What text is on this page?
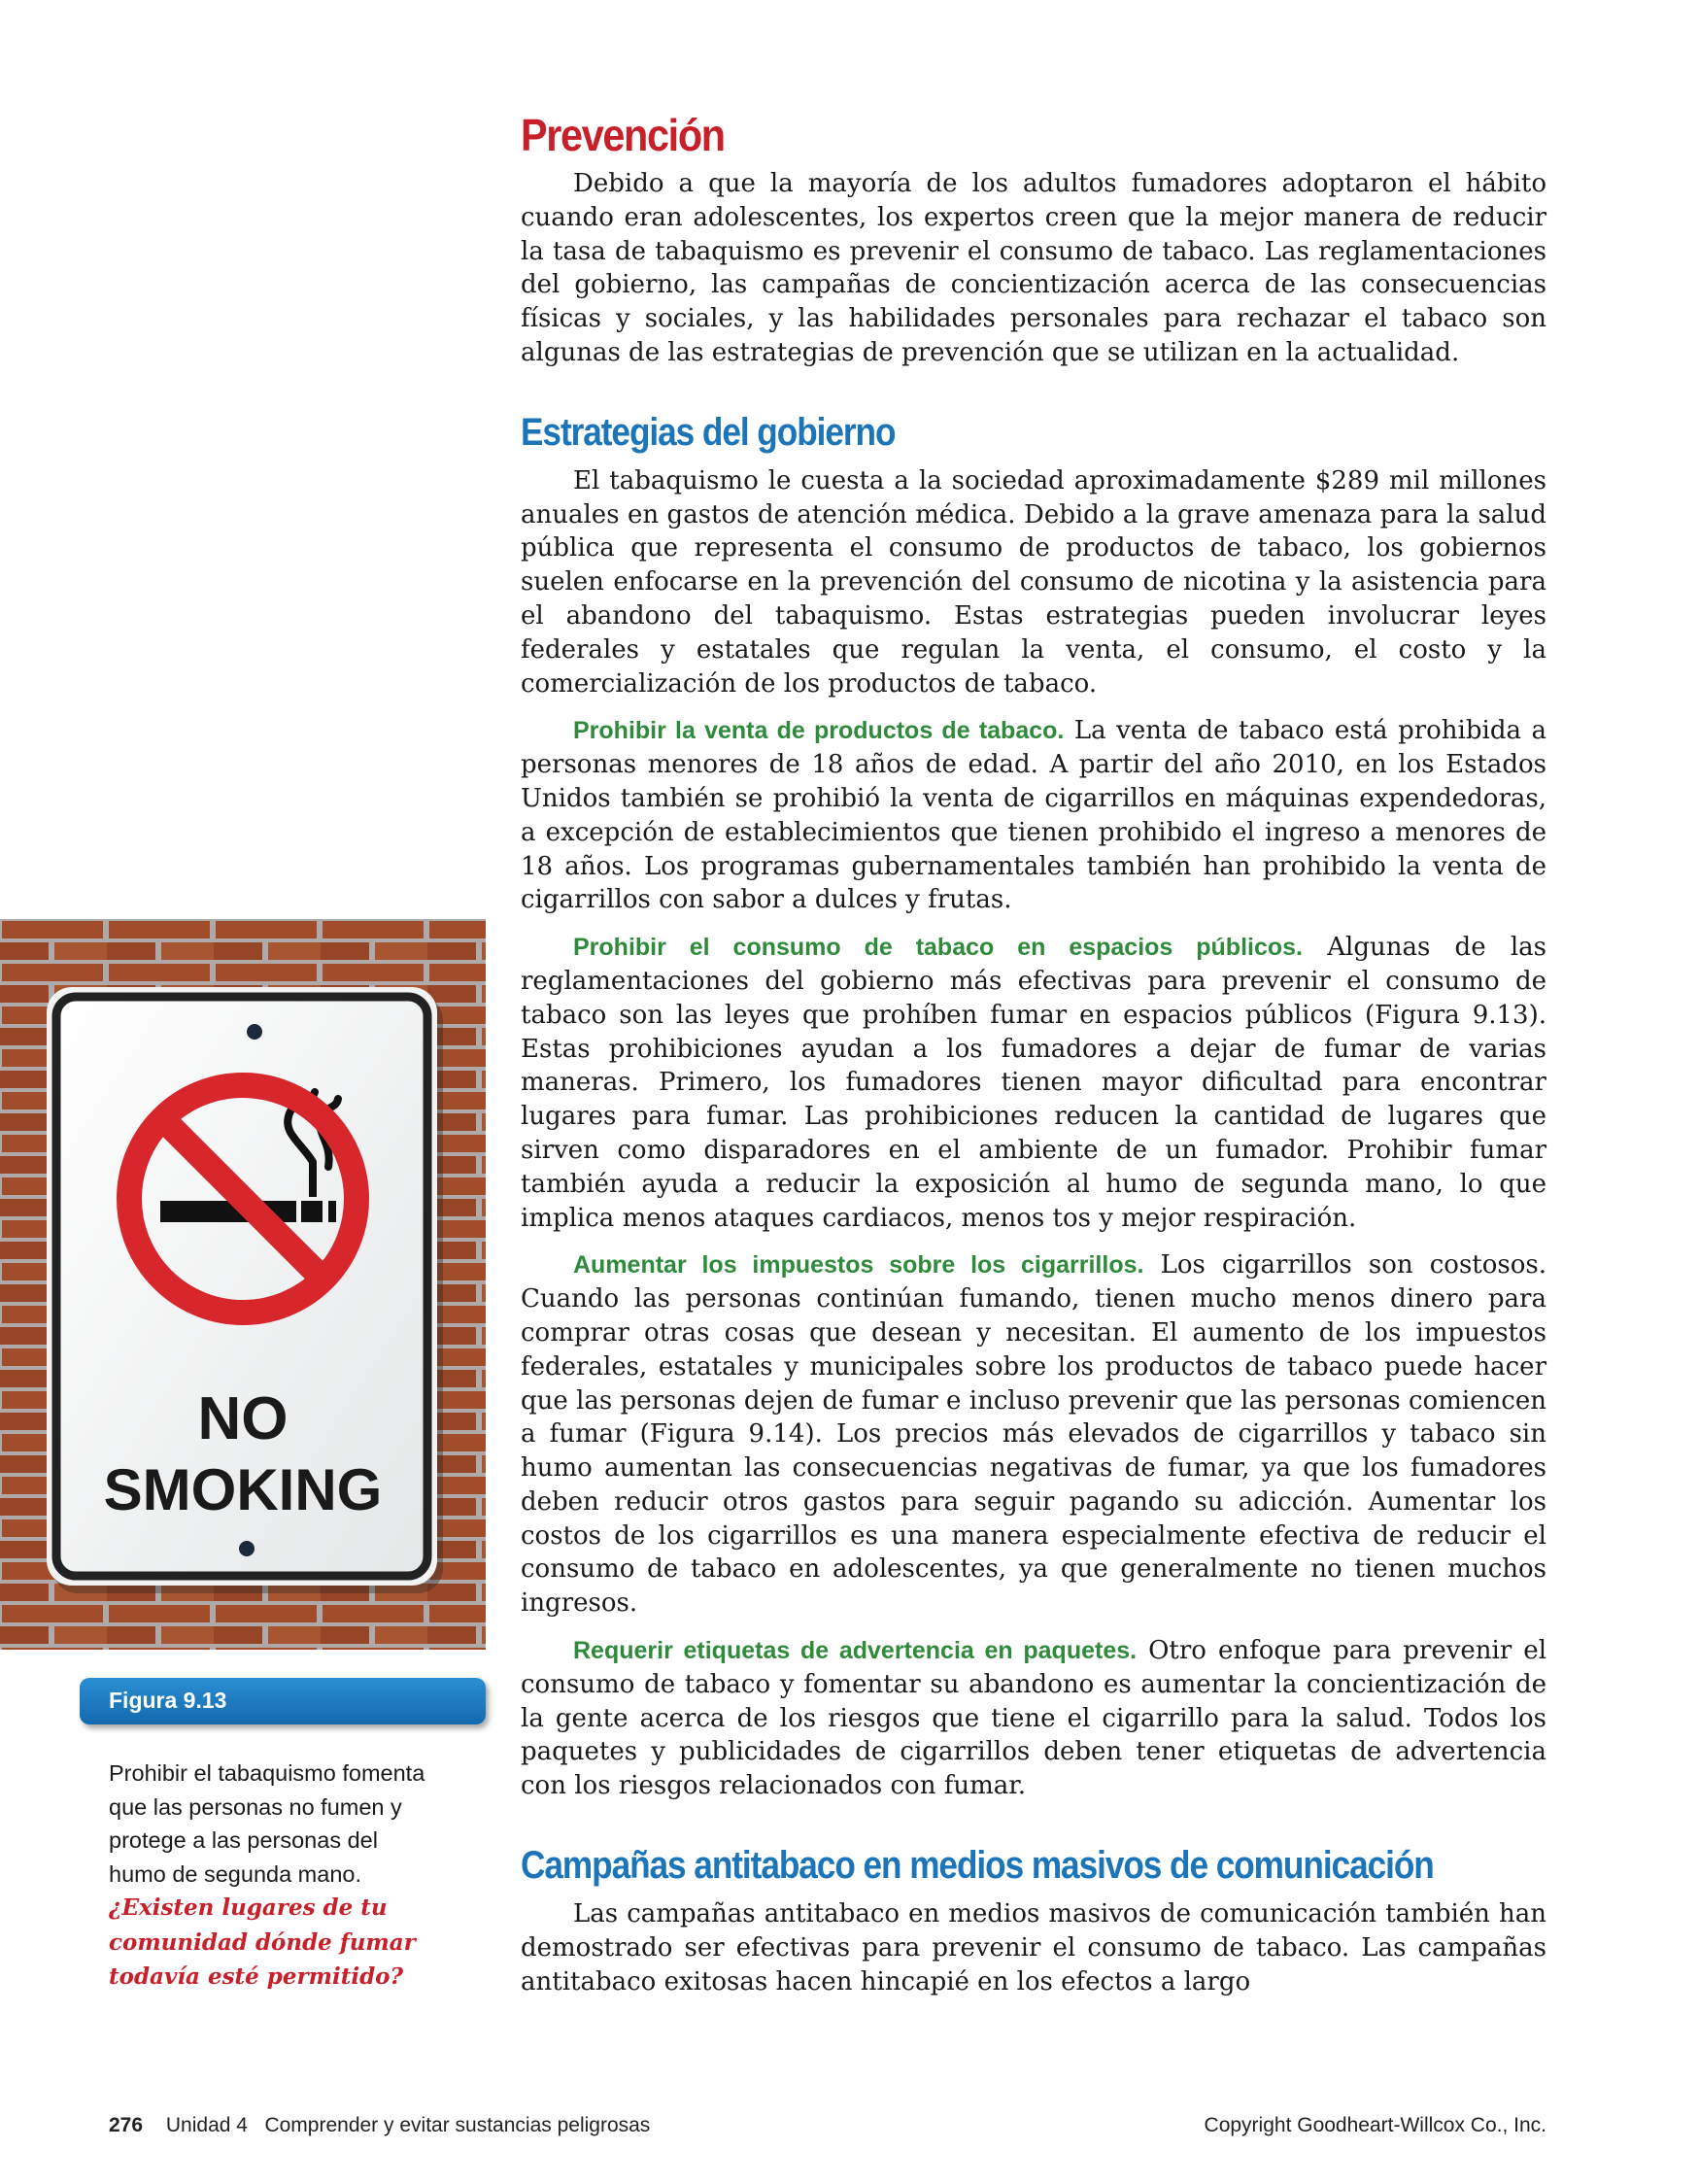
Prevención

Debido a que la mayoría de los adultos fumadores adoptaron el hábito cuando eran adolescentes, los expertos creen que la mejor manera de reducir la tasa de tabaquismo es prevenir el consumo de tabaco. Las reglamentaciones del gobierno, las campañas de concientización acerca de las consecuencias físicas y sociales, y las habilidades personales para rechazar el tabaco son algunas de las estrategias de prevención que se utilizan en la actualidad.

Estrategias del gobierno

El tabaquismo le cuesta a la sociedad aproximadamente $289 mil millones anuales en gastos de atención médica. Debido a la grave amenaza para la salud pública que representa el consumo de productos de tabaco, los gobiernos suelen enfocarse en la prevención del consumo de nicotina y la asistencia para el abandono del tabaquismo. Estas estrategias pueden involucrar leyes federales y estatales que regulan la venta, el consumo, el costo y la comercialización de los productos de tabaco.

Prohibir la venta de productos de tabaco. La venta de tabaco está prohibida a personas menores de 18 años de edad. A partir del año 2010, en los Estados Unidos también se prohibió la venta de cigarrillos en máquinas expendedoras, a excepción de establecimientos que tienen prohibido el ingreso a menores de 18 años. Los programas gubernamentales también han prohibido la venta de cigarrillos con sabor a dulces y frutas.

Prohibir el consumo de tabaco en espacios públicos. Algunas de las reglamentaciones del gobierno más efectivas para prevenir el consumo de tabaco son las leyes que prohíben fumar en espacios públicos (Figura 9.13). Estas prohibiciones ayudan a los fumadores a dejar de fumar de varias maneras. Primero, los fumadores tienen mayor dificultad para encontrar lugares para fumar. Las prohibiciones reducen la cantidad de lugares que sirven como disparadores en el ambiente de un fumador. Prohibir fumar también ayuda a reducir la exposición al humo de segunda mano, lo que implica menos ataques cardiacos, menos tos y mejor respiración.

Aumentar los impuestos sobre los cigarrillos. Los cigarrillos son costosos. Cuando las personas continúan fumando, tienen mucho menos dinero para comprar otras cosas que desean y necesitan. El aumento de los impuestos federales, estatales y municipales sobre los productos de tabaco puede hacer que las personas dejen de fumar e incluso prevenir que las personas comiencen a fumar (Figura 9.14). Los precios más elevados de cigarrillos y tabaco sin humo aumentan las consecuencias negativas de fumar, ya que los fumadores deben reducir otros gastos para seguir pagando su adicción. Aumentar los costos de los cigarrillos es una manera especialmente efectiva de reducir el consumo de tabaco en adolescentes, ya que generalmente no tienen muchos ingresos.

Requerir etiquetas de advertencia en paquetes. Otro enfoque para prevenir el consumo de tabaco y fomentar su abandono es aumentar la concientización de la gente acerca de los riesgos que tiene el cigarrillo para la salud. Todos los paquetes y publicidades de cigarrillos deben tener etiquetas de advertencia con los riesgos relacionados con fumar.

Campañas antitabaco en medios masivos de comunicación

Las campañas antitabaco en medios masivos de comunicación también han demostrado ser efectivas para prevenir el consumo de tabaco. Las campañas antitabaco exitosas hacen hincapié en los efectos a largo

NO
SMOKING
Figura 9.13
Prohibir el tabaquismo fomenta que las personas no fumen y protege a las personas del humo de segunda mano. ¿Existen lugares de tu comunidad dónde fumar todavía esté permitido?
276 Unidad 4   Comprender y evitar sustancias peligrosas	Copyright Goodheart-Willcox Co., Inc.
